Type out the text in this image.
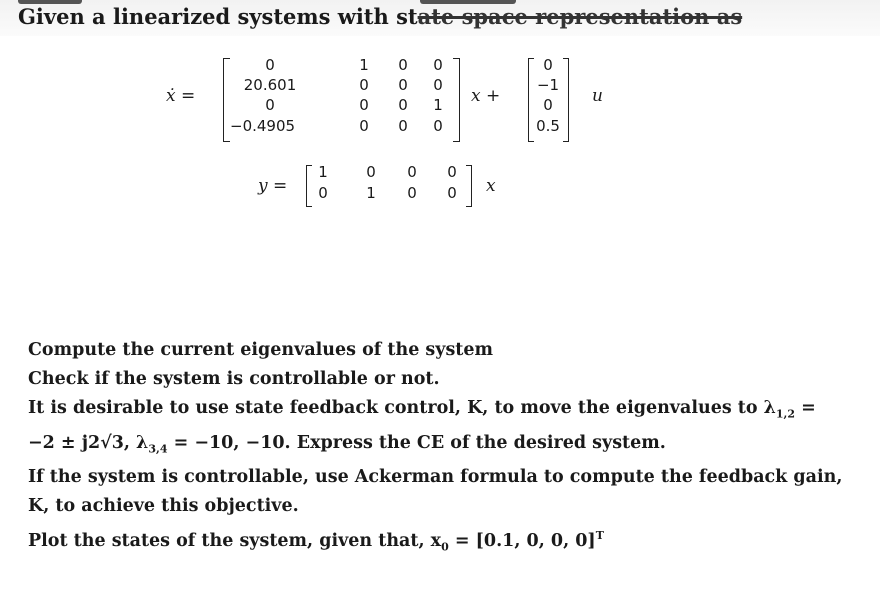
Given a linearized systems with state space representation as
ẋ =
0	1	0	0
20.601	0	0	0
0	0	0	1
−0.4905	0	0	0
x +
0
−1
0
0.5
u
y =
1	0	0	0
0	1	0	0	x
Compute the current eigenvalues of the system
Check if the system is controllable or not.
It is desirable to use state feedback control, K, to move the eigenvalues to $\lambda_{1,2}$ =
−2 ± j2√3, $\lambda_{3,4} = -10$, −10. Express the CE of the desired system.
If the system is controllable, use Ackerman formula to compute the feedback gain,
K, to achieve this objective.
Plot the states of the system, given that, $x_0 = [0.1$, 0, 0, 0]$^T$
